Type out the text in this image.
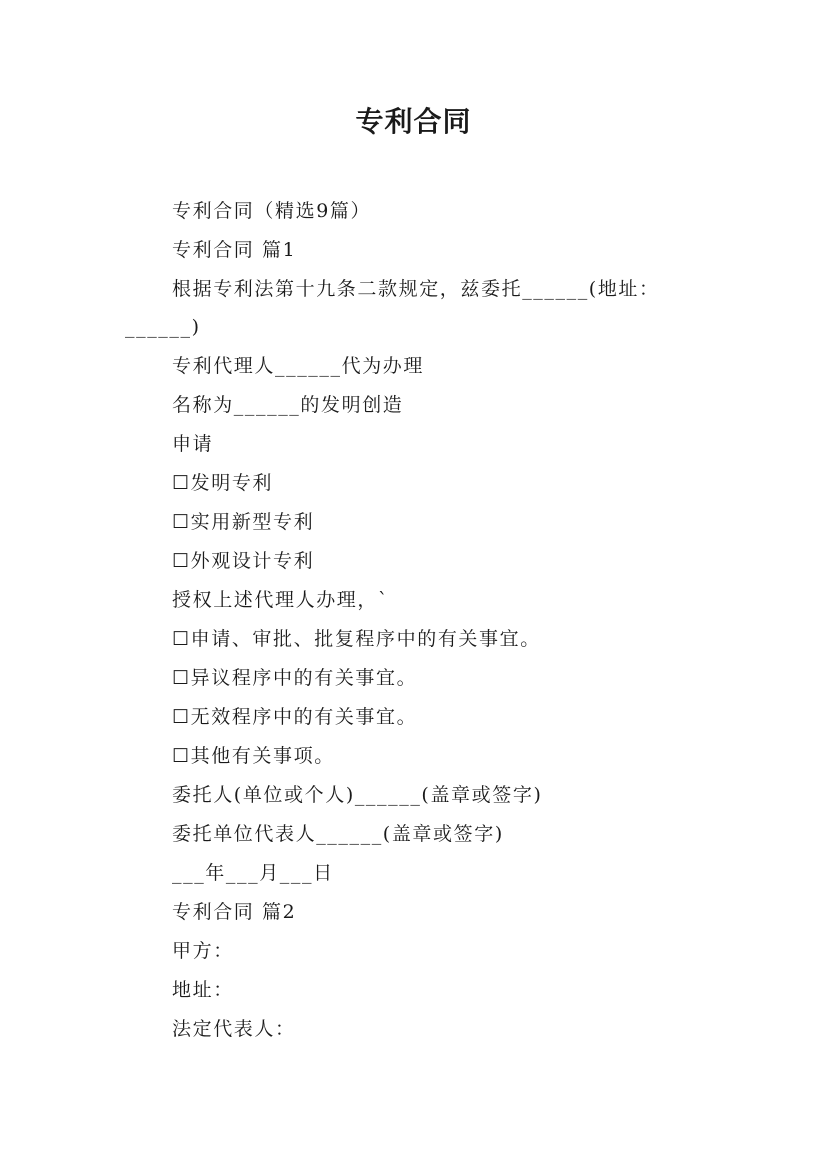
专利合同
专利合同（精选9篇）
专利合同 篇1
根据专利法第十九条二款规定，兹委托______(地址：
______)
专利代理人______代为办理
名称为______的发明创造
申请
☐发明专利
☐实用新型专利
☐外观设计专利
授权上述代理人办理，`
☐申请、审批、批复程序中的有关事宜。
☐异议程序中的有关事宜。
☐无效程序中的有关事宜。
☐其他有关事项。
委托人(单位或个人)______(盖章或签字)
委托单位代表人______(盖章或签字)
___年___月___日
专利合同 篇2
甲方：
地址：
法定代表人：
